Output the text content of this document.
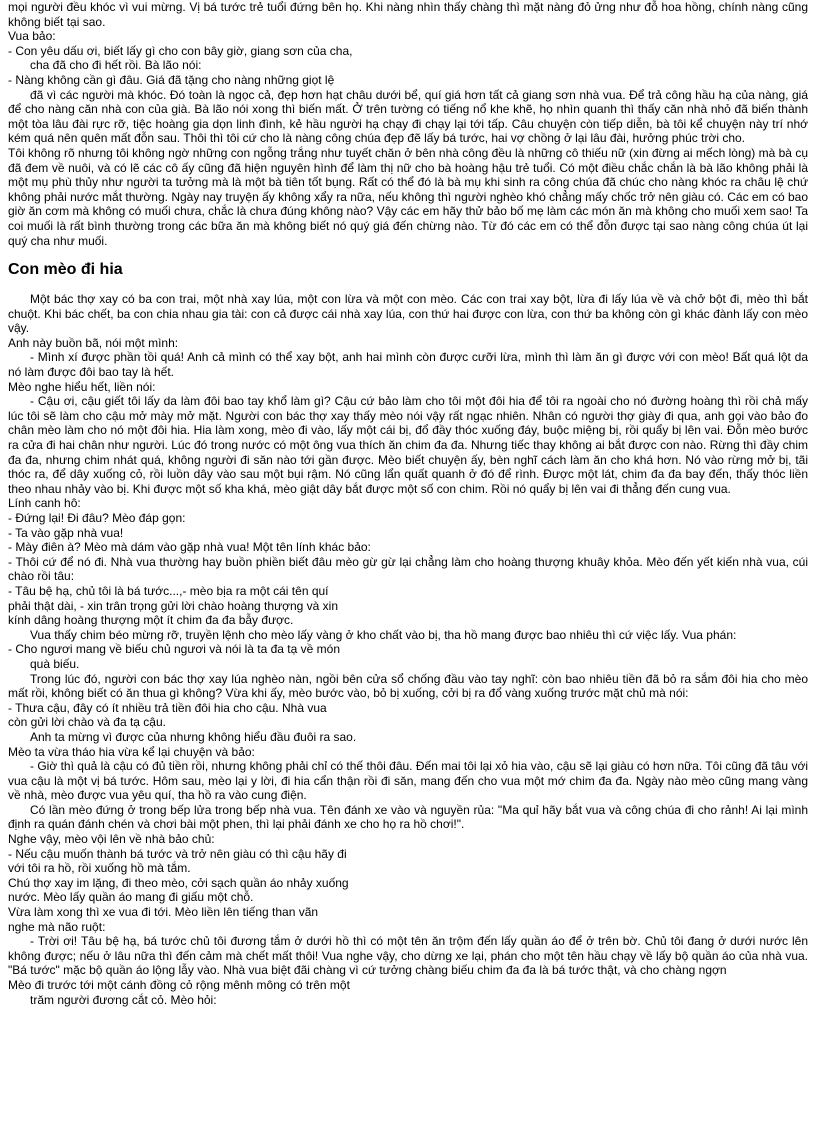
mọi người đều khóc vì vui mừng. Vị bá tước trẻ tuổi đứng bên họ. Khi nàng nhìn thấy chàng thì mặt nàng đỏ ửng như đỗ hoa hồng, chính nàng cũng không biết tại sao.

Vua bảo:

- Con yêu dấu ơi, biết lấy gì cho con bây giờ, giang sơn của cha,

cha đã cho đi hết rồi. Bà lão nói:

- Nàng không cần gì đâu. Giá đã tặng cho nàng những giọt lệ

đã vì các người mà khóc. Đó toàn là ngọc cả, đẹp hơn hạt châu dưới bể, quí giá hơn tất cả giang sơn nhà vua. Để trả công hầu hạ của nàng, giá để cho nàng căn nhà con của già. Bà lão nói xong thì biến mất. Ở trên tường có tiếng nổ khe khẽ, họ nhìn quanh thì thấy căn nhà nhỏ đã biến thành một tòa lâu đài rực rỡ, tiệc hoàng gia dọn linh đình, kẻ hầu người hạ chạy đi chạy lại tới tấp. Câu chuyện còn tiếp diễn, bà tôi kể chuyện này trí nhớ kém quá nên quên mất đỗn sau. Thôi thì tôi cứ cho là nàng công chúa đẹp đẽ lấy bá tước, hai vợ chồng ở lại lâu đài, hưởng phúc trời cho.

Tôi không rõ nhưng tôi không ngờ những con ngỗng trắng như tuyết chăn ở bên nhà công đều là những cô thiếu nữ (xin đừng ai mếch lòng) mà bà cụ đã đem về nuôi, và có lẽ các cô ấy cũng đã hiện nguyên hình để làm thị nữ cho bà hoàng hậu trẻ tuổi. Có một điều chắc chắn là bà lão không phải là một mụ phù thủy như người ta tưởng mà là một bà tiên tốt bụng. Rất có thể đó là bà mụ khi sinh ra công chúa đã chúc cho nàng khóc ra châu lệ chứ không phải nước mắt thường. Ngày nay truyện ấy không xẩy ra nữa, nếu không thì người nghèo khó chẳng mấy chốc trở nên giàu có. Các em có bao giờ ăn cơm mà không có muối chưa, chắc là chưa đúng không nào? Vậy các em hãy thử bảo bố mẹ làm các món ăn mà không cho muối xem sao! Ta coi muối là rất bình thường trong các bữa ăn mà không biết nó quý giá đến chừng nào. Từ đó các em có thể đỗn được tại sao nàng công chúa út lại quý cha như muối.

Con mèo đi hia

Một bác thợ xay có ba con trai, một nhà xay lúa, một con lừa và một con mèo. Các con trai xay bột, lừa đi lấy lúa về và chở bột đi, mèo thì bắt chuột. Khi bác chết, ba con chia nhau gia tài: con cả được cái nhà xay lúa, con thứ hai được con lừa, con thứ ba không còn gì khác đành lấy con mèo vậy.

Anh này buồn bã, nói một mình:

- Mình xí được phần tồi quá! Anh cả mình có thể xay bột, anh hai mình còn được cưỡi lừa, mình thì làm ăn gì được với con mèo! Bất quá lột da nó làm được đôi bao tay là hết.

Mèo nghe hiểu hết, liền nói:

- Cậu ơi, cậu giết tôi lấy da làm đôi bao tay khổ làm gì? Cậu cứ bảo làm cho tôi một đôi hia để tôi ra ngoài cho nó đường hoàng thì rồi chả mấy lúc tôi sẽ làm cho cậu mở mày mở mặt. Người con bác thợ xay thấy mèo nói vậy rất ngạc nhiên. Nhân có người thợ giày đi qua, anh gọi vào bảo đo chân mèo làm cho nó một đôi hia. Hia làm xong, mèo đi vào, lấy một cái bị, đổ đầy thóc xuống đáy, buộc miệng bị, rồi quẩy bị lên vai. Đỗn mèo bước ra cửa đi hai chân như người. Lúc đó trong nước có một ông vua thích ăn chim đa đa. Nhưng tiếc thay không ai bắt được con nào. Rừng thì đầy chim đa đa, nhưng chim nhát quá, không người đi săn nào tới gần được. Mèo biết chuyện ấy, bèn nghĩ cách làm ăn cho khá hơn. Nó vào rừng mở bị, tãi thóc ra, để dây xuống cỏ, rồi luồn dây vào sau một bụi rậm. Nó cũng lẩn quất quanh ở đó để rình. Được một lát, chim đa đa bay đến, thấy thóc liền theo nhau nhảy vào bị. Khi được một số kha khá, mèo giật dây bắt được một số con chim. Rồi nó quẩy bị lên vai đi thẳng đến cung vua.

Lính canh hô:

- Đứng lại! Đi đâu? Mèo đáp gọn:

- Ta vào gặp nhà vua!

- Mày điên à? Mèo mà dám vào gặp nhà vua! Một tên lính khác bảo:

- Thôi cứ để nó đi. Nhà vua thường hay buồn phiền biết đâu mèo gừ gừ lại chẳng làm cho hoàng thượng khuây khỏa. Mèo đến yết kiến nhà vua, cúi chào rồi tâu:

- Tâu bệ hạ, chủ tôi là bá tước...,- mèo bịa ra một cái tên quí

phải thật dài, - xin trân trọng gửi lời chào hoàng thượng và xin

kính dâng hoàng thượng một ít chim đa đa bẫy được.

Vua thấy chim béo mừng rỡ, truyền lệnh cho mèo lấy vàng ở kho chất vào bị, tha hồ mang được bao nhiêu thì cứ việc lấy. Vua phán:

- Cho ngươi mang về biếu chủ ngươi và nói là ta đa tạ về món

quà biếu.

Trong lúc đó, người con bác thợ xay lúa nghèo nàn, ngồi bên cửa sổ chống đầu vào tay nghĩ: còn bao nhiêu tiền đã bỏ ra sắm đôi hia cho mèo mất rồi, không biết có ăn thua gì không? Vừa khi ấy, mèo bước vào, bỏ bị xuống, cởi bị ra đổ vàng xuống trước mặt chủ mà nói:

- Thưa cậu, đây có ít nhiều trả tiền đôi hia cho cậu. Nhà vua

còn gửi lời chào và đa tạ cậu.

Anh ta mừng vì được của nhưng không hiểu đầu đuôi ra sao.

Mèo ta vừa tháo hia vừa kể lại chuyện và bảo:

- Giờ thì quả là cậu có đủ tiền rồi, nhưng không phải chỉ có thế thôi đâu. Đến mai tôi lại xỏ hia vào, cậu sẽ lại giàu có hơn nữa. Tôi cũng đã tâu với vua cậu là một vị bá tước. Hôm sau, mèo lại y lời, đi hia cẩn thận rồi đi săn, mang đến cho vua một mớ chim đa đa. Ngày nào mèo cũng mang vàng về nhà, mèo được vua yêu quí, tha hồ ra vào cung điện.

Có lần mèo đứng ở trong bếp lửa trong bếp nhà vua. Tên đánh xe vào và nguyền rủa: "Ma quỉ hãy bắt vua và công chúa đi cho rảnh! Ai lại mình định ra quán đánh chén và chơi bài một phen, thì lại phải đánh xe cho họ ra hồ chơi!".

Nghe vậy, mèo vội lên về nhà bảo chủ:

- Nếu cậu muốn thành bá tước và trở nên giàu có thì cậu hãy đi

với tôi ra hồ, rồi xuống hồ mà tắm.

Chú thợ xay im lặng, đi theo mèo, cởi sạch quần áo nhảy xuống

nước. Mèo lấy quần áo mang đi giấu một chỗ.

Vừa làm xong thì xe vua đi tới. Mèo liền lên tiếng than vãn

nghe mà não ruột:

- Trời ơi! Tâu bệ hạ, bá tước chủ tôi đương tắm ở dưới hồ thì có một tên ăn trộm đến lấy quần áo để ở trên bờ. Chủ tôi đang ở dưới nước lên không được; nếu ở lâu nữa thì đến cảm mà chết mất thôi! Vua nghe vậy, cho dừng xe lại, phán cho một tên hầu chạy về lấy bộ quần áo của nhà vua. "Bá tước" mặc bộ quần áo lộng lẫy vào. Nhà vua biệt đãi chàng vì cứ tưởng chàng biếu chim đa đa là bá tước thật, và cho chàng ngợn

Mèo đi trước tới một cánh đồng cỏ rộng mênh mông có trên một

trăm người đương cắt cỏ. Mèo hỏi:
